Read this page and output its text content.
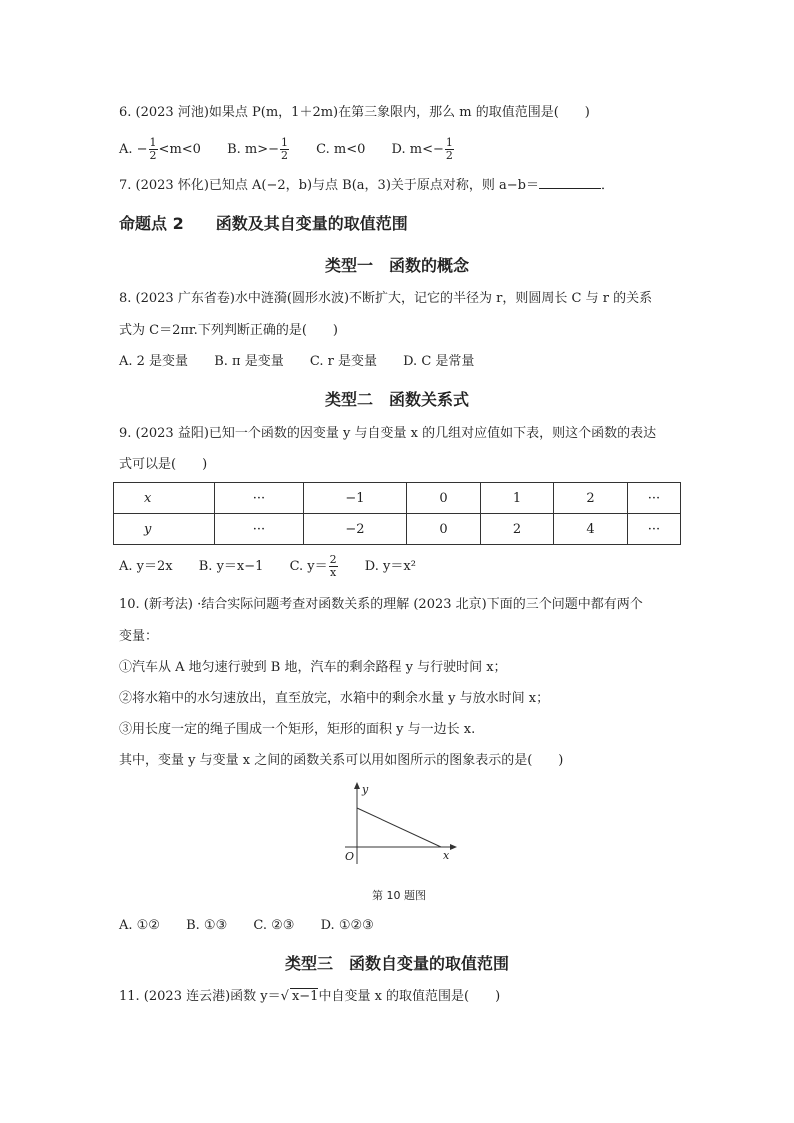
6. (2023 河池)如果点 P(m，1＋2m)在第三象限内，那么 m 的取值范围是(　　)
A. − $\frac{1}{2} <m<0$ B. $m>- \frac{1}{2} C$. m<0 D. $m<- \frac{1}{2}$
7. (2023 怀化)已知点 A(−2，b)与点 B(a，3)关于原点对称，则 a−b＝	．
命题点 2　　函数及其自变量的取值范围
类型一　函数的概念
8. (2023 广东省卷)水中涟漪(圆形水波)不断扩大，记它的半径为 r，则圆周长 C 与 r 的关系
式为 C＝2πr.下列判断正确的是(　　)
A. 2 是变量 B. π 是变量 C. r 是变量 D. C 是常量
类型二　函数关系式
9. (2023 益阳)已知一个函数的因变量 y 与自变量 x 的几组对应值如下表，则这个函数的表达
式可以是(　　)
x	···	−1	0	1	2	···
y	···	−2	0	2	4	···
A. y＝2x B. y＝x−1 C. $y= \frac{2}{x} D$. y＝x²
10. (新考法) ·结合实际问题考查对函数关系的理解 (2023 北京)下面的三个问题中都有两个
变量：
①汽车从 A 地匀速行驶到 B 地，汽车的剩余路程 y 与行驶时间 x；
②将水箱中的水匀速放出，直至放完，水箱中的剩余水量 y 与放水时间 x；
③用长度一定的绳子围成一个矩形，矩形的面积 y 与一边长 x.
其中，变量 y 与变量 x 之间的函数关系可以用如图所示的图象表示的是(　　)
y
x
O
第 10 题图
A. ①② B. ①③ C. ②③ D. ①②③
类型三　函数自变量的取值范围
11. (2023 连云港)函数 y＝√ x−1中自变量 x 的取值范围是(　　)
